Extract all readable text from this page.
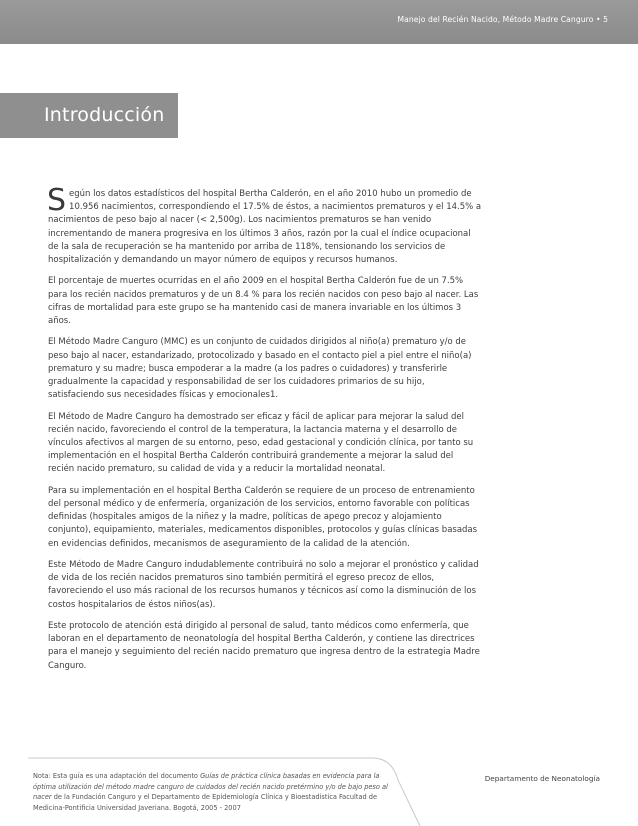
Manejo del Recién Nacido, Método Madre Canguro • 5
Introducción

Según los datos estadísticos del hospital Bertha Calderón, en el año 2010 hubo un promedio de 10.956 nacimientos, correspondiendo el 17.5% de éstos, a nacimientos prematuros y el 14.5% a nacimientos de peso bajo al nacer (< 2,500g). Los nacimientos prematuros se han venido incrementando de manera progresiva en los últimos 3 años, razón por la cual el índice ocupacional de la sala de recuperación se ha mantenido por arriba de 118%, tensionando los servicios de hospitalización y demandando un mayor número de equipos y recursos humanos.

El porcentaje de muertes ocurridas en el año 2009 en el hospital Bertha Calderón fue de un 7.5% para los recién nacidos prematuros y de un 8.4 % para los recién nacidos con peso bajo al nacer. Las cifras de mortalidad para este grupo se ha mantenido casi de manera invariable en los últimos 3 años.

El Método Madre Canguro (MMC) es un conjunto de cuidados dirigidos al niño(a) prematuro y/o de peso bajo al nacer, estandarizado, protocolizado y basado en el contacto piel a piel entre el niño(a) prematuro y su madre; busca empoderar a la madre (a los padres o cuidadores) y transferirle gradualmente la capacidad y responsabilidad de ser los cuidadores primarios de su hijo, satisfaciendo sus necesidades físicas y emocionales1.

El Método de Madre Canguro ha demostrado ser eficaz y fácil de aplicar para mejorar la salud del recién nacido, favoreciendo el control de la temperatura, la lactancia materna y el desarrollo de vínculos afectivos al margen de su entorno, peso, edad gestacional y condición clínica, por tanto su implementación en el hospital Bertha Calderón contribuirá grandemente a mejorar la salud del recién nacido prematuro, su calidad de vida y a reducir la mortalidad neonatal.

Para su implementación en el hospital Bertha Calderón se requiere de un proceso de entrenamiento del personal médico y de enfermería, organización de los servicios, entorno favorable con políticas definidas (hospitales amigos de la niñez y la madre, políticas de apego precoz y alojamiento conjunto), equipamiento, materiales, medicamentos disponibles, protocolos y guías clínicas basadas en evidencias definidos, mecanismos de aseguramiento de la calidad de la atención.

Este Método de Madre Canguro indudablemente contribuirá no solo a mejorar el pronóstico y calidad de vida de los recién nacidos prematuros sino también permitirá el egreso precoz de ellos, favoreciendo el uso más racional de los recursos humanos y técnicos así como la disminución de los costos hospitalarios de éstos niños(as).

Este protocolo de atención está dirigido al personal de salud, tanto médicos como enfermería, que laboran en el departamento de neonatología del hospital Bertha Calderón, y contiene las directrices para el manejo y seguimiento del recién nacido prematuro que ingresa dentro de la estrategia Madre Canguro.

Nota: Esta guía es una adaptación del documento Guías de práctica clínica basadas en evidencia para la óptima utilización del método madre canguro de cuidados del recién nacido pretérmino y/o de bajo peso al nacer de la Fundación Canguro y el Departamento de Epidemiología Clínica y Bioestadística Facultad de Medicina-Pontificia Universidad Javeriana. Bogotá, 2005 - 2007
Departamento de Neonatología
